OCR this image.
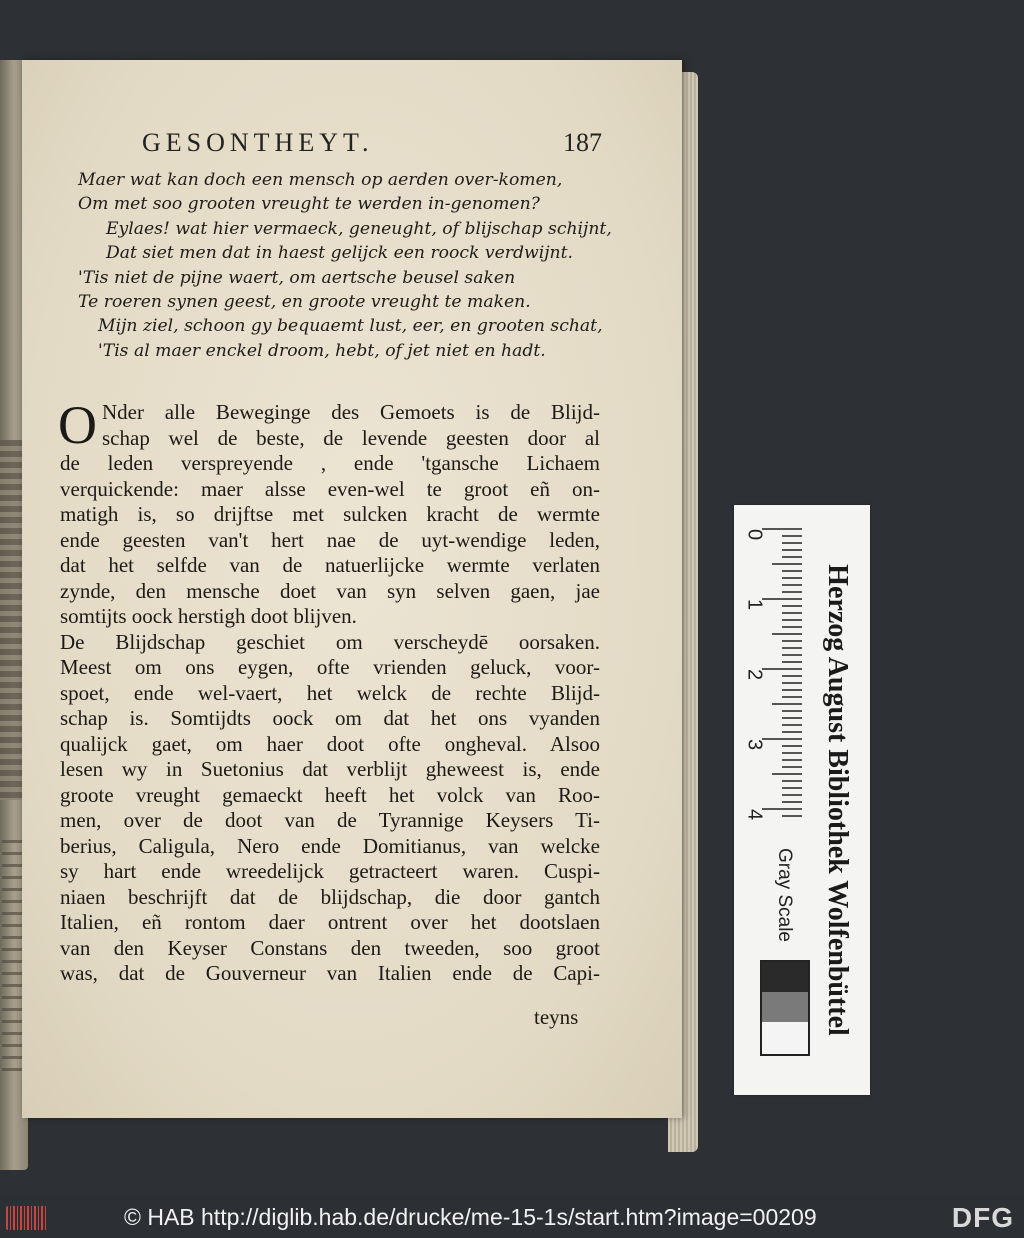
GESONTHEYT.	187
Maer wat kan doch een mensch op aerden over-komen,
Om met soo grooten vreught te werden in-genomen?
Eylaes! wat hier vermaeck, geneught, of blijschap schijnt,
Dat siet men dat in haest gelijck een roock verdwijnt.
'Tis niet de pijne waert, om aertsche beusel saken
Te roeren synen geest, en groote vreught te maken.
Mijn ziel, schoon gy bequaemt lust, eer, en grooten schat,
'Tis al maer enckel droom, hebt, of jet niet en hadt.
O Nder alle Beweginge des Gemoets is de Blijd-
schap wel de beste, de levende geesten door al
de leden verspreyende , ende 'tgansche Lichaem
verquickende: maer alsse even-wel te groot eñ on-
matigh is, so drijftse met sulcken kracht de wermte
ende geesten van't hert nae de uyt-wendige leden,
dat het selfde van de natuerlijcke wermte verlaten
zynde, den mensche doet van syn selven gaen, jae
somtijts oock herstigh doot blijven.
De Blijdschap geschiet om verscheydē oorsaken.
Meest om ons eygen, ofte vrienden geluck, voor-
spoet, ende wel-vaert, het welck de rechte Blijd-
schap is. Somtijdts oock om dat het ons vyanden
qualijck gaet, om haer doot ofte ongheval. Alsoo
lesen wy in Suetonius dat verblijt gheweest is, ende
groote vreught gemaeckt heeft het volck van Roo-
men, over de doot van de Tyrannige Keysers Ti-
berius, Caligula, Nero ende Domitianus, van welcke
sy hart ende wreedelijck getracteert waren. Cuspi-
niaen beschrijft dat de blijdschap, die door gantch
Italien, eñ rontom daer ontrent over het dootslaen
van den Keyser Constans den tweeden, soo groot
was, dat de Gouverneur van Italien ende de Capi-
teyns
0
1
2
3
4 Herzog August Bibliothek Wolfenbüttel
Gray Scale
© HAB http://diglib.hab.de/drucke/me-15-1s/start.htm?image=00209	DFG
